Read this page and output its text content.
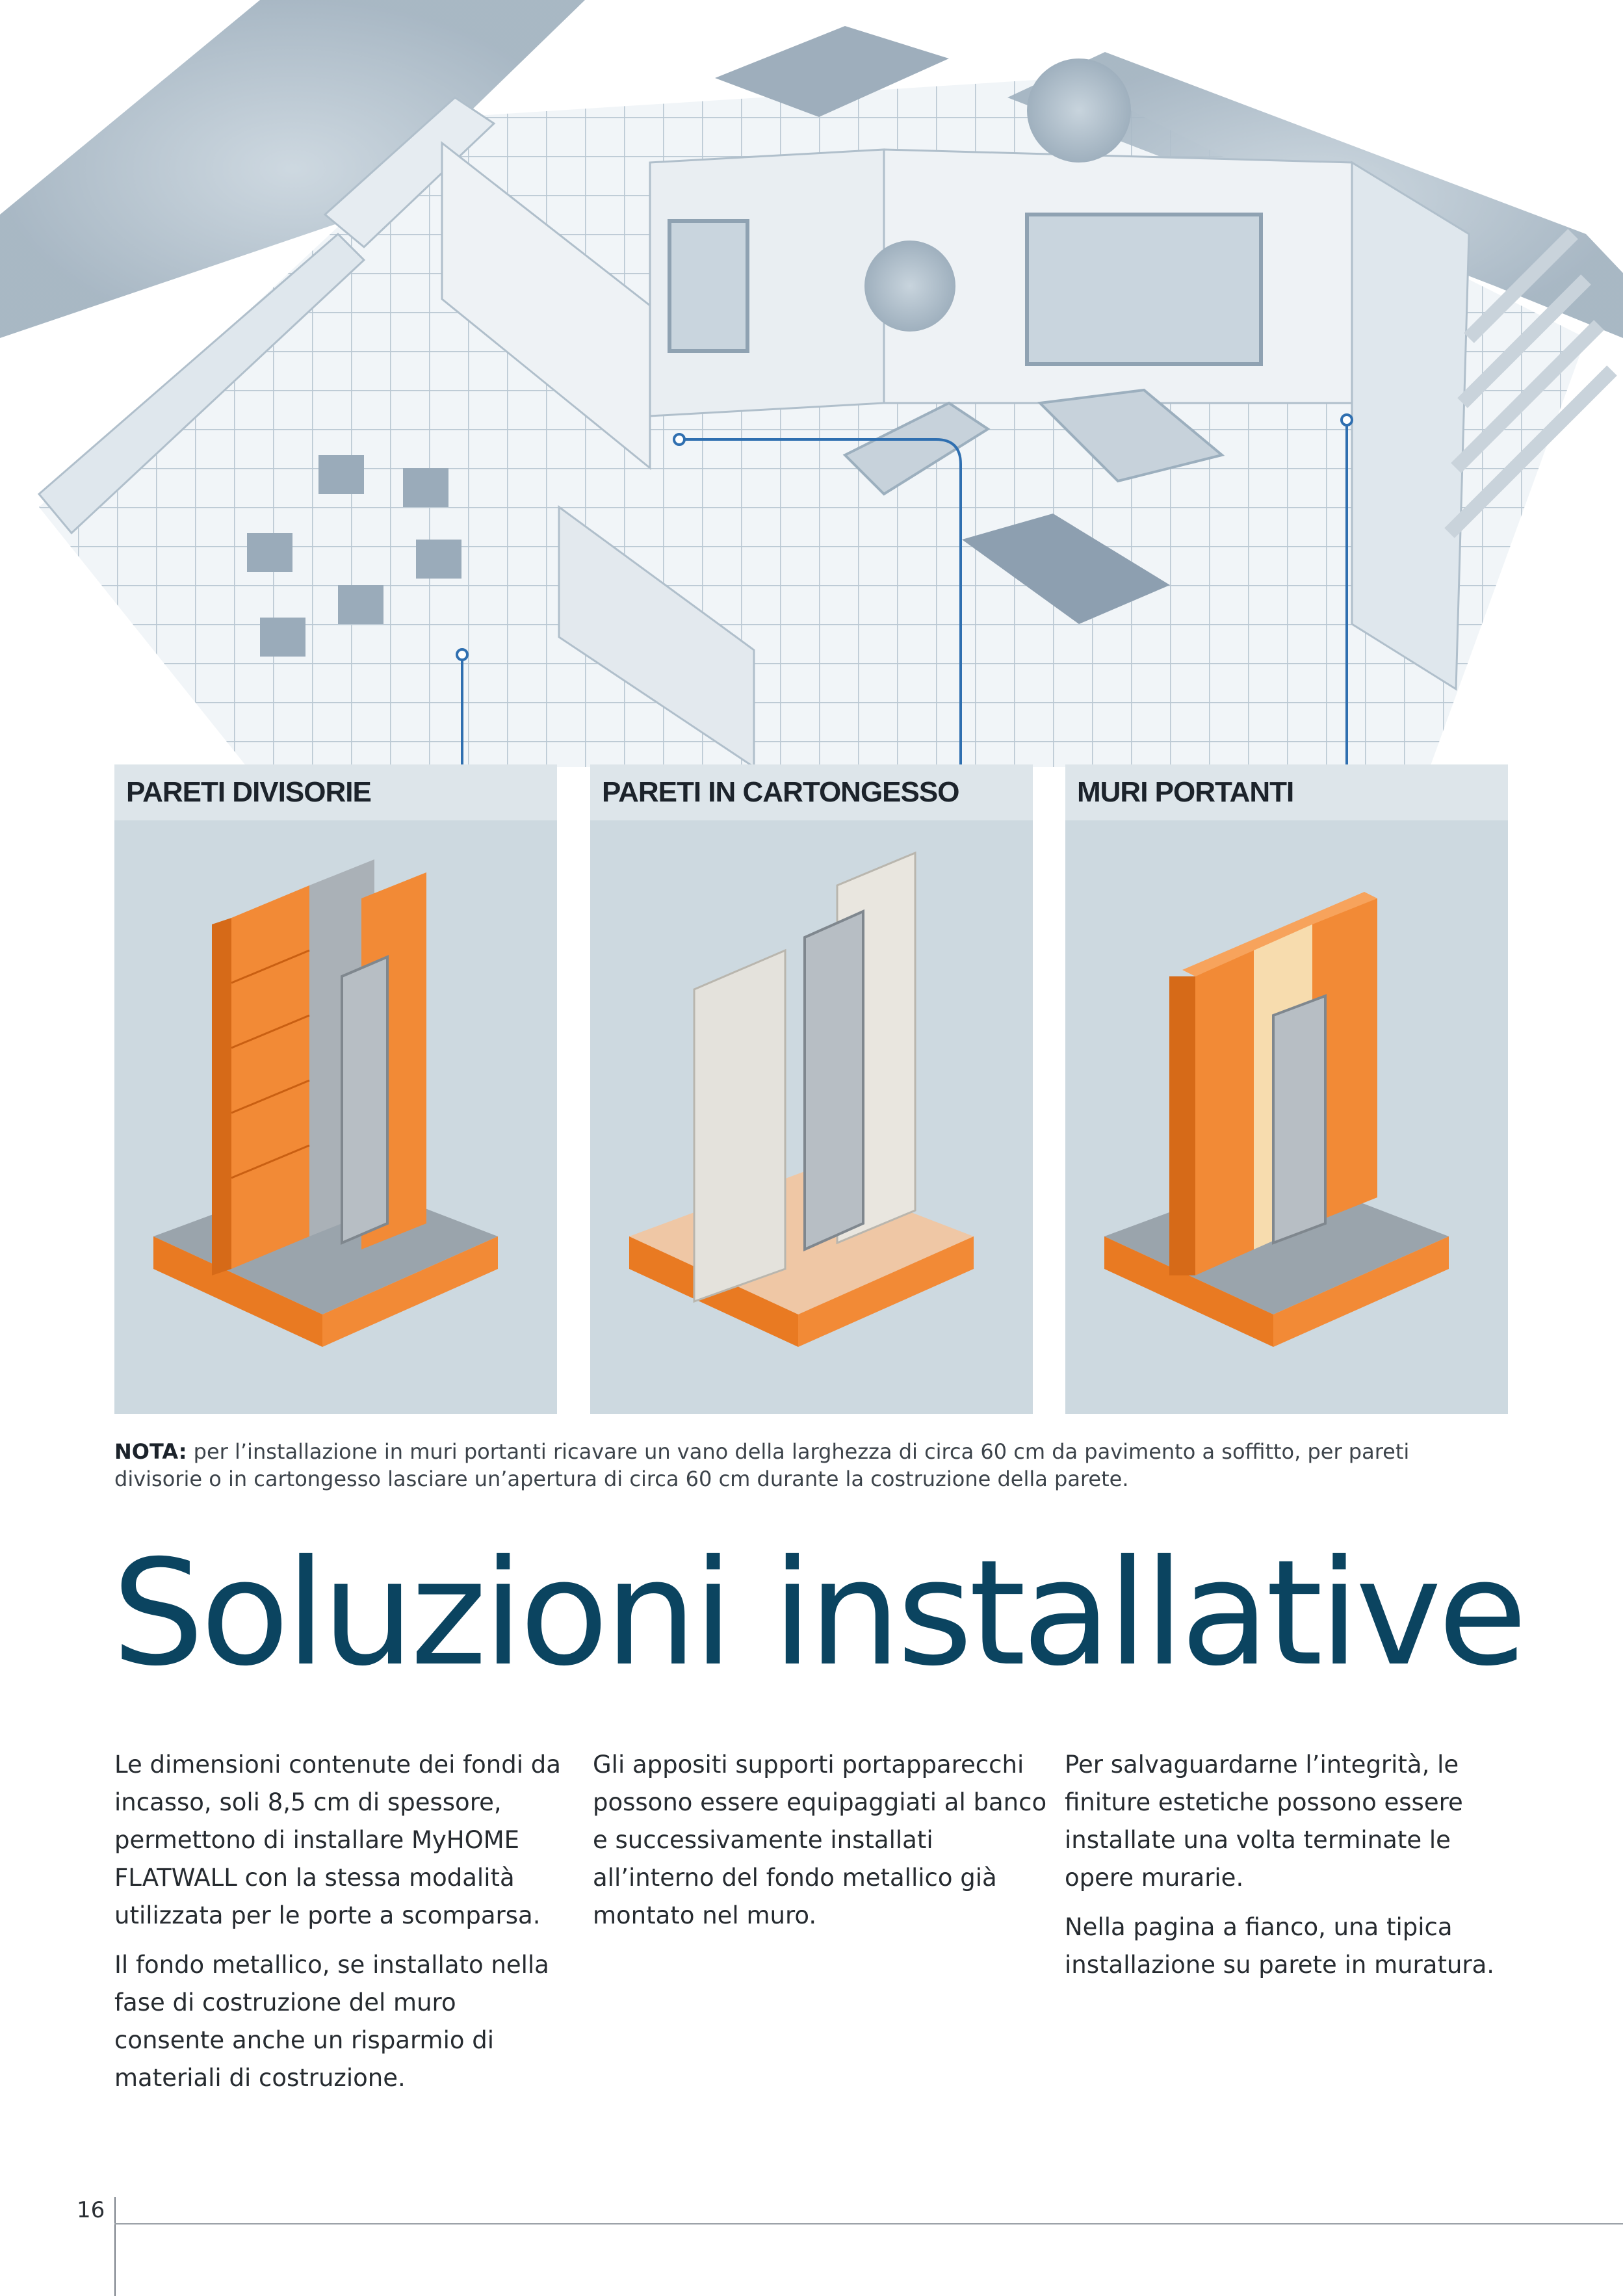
PARETI DIVISORIE	PARETI IN CARTONGESSO	MURI PORTANTI
NOTA: per l’installazione in muri portanti ricavare un vano della larghezza di circa 60 cm da pavimento a soffitto, per pareti divisorie o in cartongesso lasciare un’apertura di circa 60 cm durante la costruzione della parete.
Soluzioni installative

Le dimensioni contenute dei fondi da incasso, soli 8,5 cm di spessore, permettono di installare MyHOME FLATWALL con la stessa modalità utilizzata per le porte a scomparsa.

Il fondo metallico, se installato nella fase di costruzione del muro consente anche un risparmio di materiali di costruzione.

Gli appositi supporti portapparecchi possono essere equipaggiati al banco e successivamente installati all’interno del fondo metallico già montato nel muro.

Per salvaguardarne l’integrità, le finiture estetiche possono essere installate una volta terminate le opere murarie.

Nella pagina a fianco, una tipica installazione su parete in muratura.

16
